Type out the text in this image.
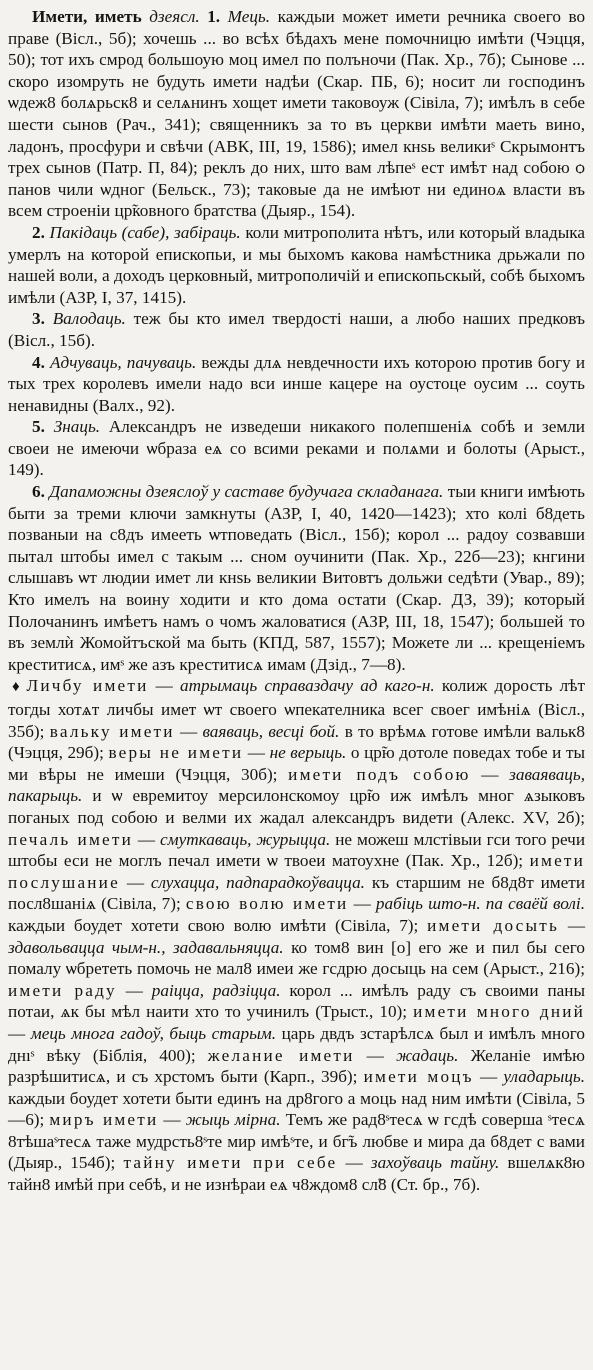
Имети, иметь дзеясл. 1. Мець. каждыи может имети речника своего во праве (Вісл., 5б); хочешь ... во всѣх бѣдахъ мене помочницю имѣти (Чэцця, 50); тот ихъ смрод большоую моц имел по полъночи (Пак. Хр., 7б); Сынове ... скоро изомруть не будуть имети надѣи (Скар. ПБ, 6); носит ли господинъ ѡдеж8 болѧрьск8 и селѧнинъ хощет имети таковоуж (Сівіла, 7); имѣлъ в себе шести сынов (Рач., 341); священникъ за то въ церкви имѣти маеть вино, ладонъ, просфури и свѣчи (АВК, III, 19, 1586); имел кнѕь великиˢ Скрымонтъ трех сынов (Патр. П, 84); реклъ до них, што вам лѣпеˢ ест имѣт над собою ѻ панов чили ѡдног (Бельск., 73); таковые да не имѣют ни единоѧ власти въ всем строеніи цр̃ковного братства (Дыяр., 154).

2. Пакідаць (сабе), забіраць. коли митрополита нѣтъ, или который владыка умерлъ на которой епископьи, и мы быхомъ какова намѣстника дрьжали по нашей воли, а доходъ церковный, митрополичій и епископьскый, собѣ быхомъ имѣли (АЗР, I, 37, 1415).

3. Валодаць. теж бы кто имел твердості наши, а любо наших предковъ (Вісл., 15б).

4. Адчуваць, пачуваць. вежды длѧ невдечности ихъ которою против богу и тых трех королевъ имели надо вси инше кацере на оустоце оусим ... соуть ненавидны (Валх., 92).

5. Знаць. Александръ не изведеши никакого полепшеніѧ собѣ и земли своеи не имеючи ѡбраза еѧ со всими реками и полѧми и болоты (Арыст., 149).

6. Дапаможны дзеяслоў у саставе будучага складанага. тыи книги имѣють быти за треми ключи замкнуты (АЗР, I, 40, 1420—1423); хто колі б8деть позваныи на с8дъ имееть ѡтповедать (Вісл., 15б); корол ... радоу созвавши пытал штобы имел с такым ... сном оучинити (Пак. Хр., 22б—23); кнгини слышавъ ѡт людии имет ли кнѕь великии Витовтъ дольжи седѣти (Увар., 89); Кто имелъ на воину ходити и кто дома остати (Скар. ДЗ, 39); который Полочанинъ имѣетъ намъ о чомъ жаловатися (АЗР, III, 18, 1547); большей то въ землѝ Жомойтъской ма быть (КПД, 587, 1557); Можете ли ... крещенiемъ креститисѧ, имˢ же азъ креститисѧ имам (Дзід., 7—8).

♦ Личбу имети — атрымаць справаздачу ад каго-н. колиж дорость лѣт тогды хотѧт личбы имет ѡт своего ѡпекателника всег своег имѣнiѧ (Вісл., 35б); вальку имети — ваяваць, весці бой. в то врѣмѧ готове имѣли вальк8 (Чэцця, 29б); веры не имети — не верыць. о цр̃ю дотоле поведах тобе и ты ми вѣры не имеши (Чэцця, 30б); имети подъ собою — заваяваць, пакарыць. и ѡ евремитоу мерсилонскомоу цр̃ю иж имѣлъ мног ѧзыковъ поганых под собою и велми их жадал александръ видети (Алекс. XV, 2б); печаль имети — смуткаваць, журыцца. не можеш млстiвыи гси того речи штобы еси не моглъ печал имети ѡ твоеи матоухне (Пак. Хр., 12б); имети послушание — слухаццa, падпарадкоўвацца. къ старшим не б8д8т имети посл8шаніѧ (Сівіла, 7); свою волю имети — рабіць што-н. па сваёй волі. каждыи боудет хотети свою волю имѣти (Сівіла, 7); имети досыть — здавольвацца чым-н., задавальняцца. ко том8 вин [о] его же и пил бы сего помалу ѡбрететь помочь не мал8 имеи же гсдрю досыць на сем (Арыст., 216); имети раду — раіцца, радзіцца. корол ... имѣлъ раду съ своими паны потаи, ѧк бы мѣл наити хто то учинилъ (Трыст., 10); имети много дний — мець многа гадоў, быць старым. царь двдъ зстарѣлсѧ был и имѣлъ много днıˢ вѣку (Біблія, 400); желание имети — жадаць. Желаніе имѣю разрѣшитисѧ, и съ хрстомъ быти (Карп., 39б); имети моцъ — уладарыць. каждыи боудет хотети быти единъ на др8гого а моць над ним имѣти (Сівіла, 5—6); миръ имети — жыць мірна. Темъ же рад8ˢтесѧ ѡ гсдѣ соверша ˢтесѧ 8тѣшаˢтесѧ таже мудрсть8ˢте мир имѣˢте, и бг̃ъ любве и мира да б8дет с вами (Дыяр., 154б); тайну имети при себе — захоўваць тайну. вшелѧк8ю тайн8 имѣй при себѣ, и не изнѣраи еѧ ч8ждом8 сл̃8 (Ст. бр., 7б).
